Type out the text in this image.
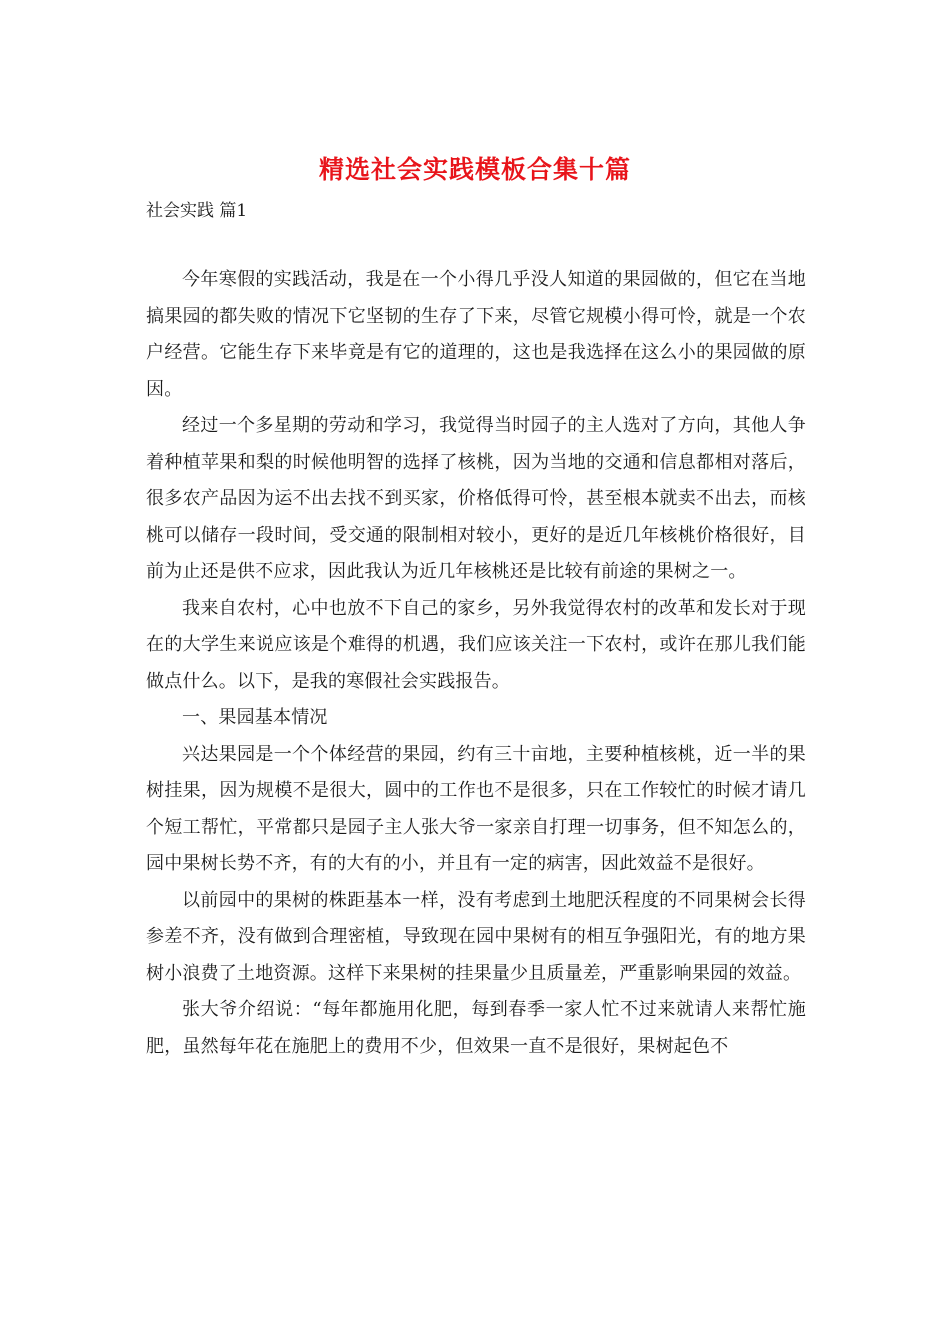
精选社会实践模板合集十篇
社会实践 篇1

今年寒假的实践活动，我是在一个小得几乎没人知道的果园做的，但它在当地搞果园的都失败的情况下它坚韧的生存了下来，尽管它规模小得可怜，就是一个农户经营。它能生存下来毕竟是有它的道理的，这也是我选择在这么小的果园做的原因。

经过一个多星期的劳动和学习，我觉得当时园子的主人选对了方向，其他人争着种植苹果和梨的时候他明智的选择了核桃，因为当地的交通和信息都相对落后，很多农产品因为运不出去找不到买家，价格低得可怜，甚至根本就卖不出去，而核桃可以储存一段时间，受交通的限制相对较小，更好的是近几年核桃价格很好，目前为止还是供不应求，因此我认为近几年核桃还是比较有前途的果树之一。

我来自农村，心中也放不下自己的家乡，另外我觉得农村的改革和发长对于现在的大学生来说应该是个难得的机遇，我们应该关注一下农村，或许在那儿我们能做点什么。以下，是我的寒假社会实践报告。

一、果园基本情况

兴达果园是一个个体经营的果园，约有三十亩地，主要种植核桃，近一半的果树挂果，因为规模不是很大，圆中的工作也不是很多，只在工作较忙的时候才请几个短工帮忙，平常都只是园子主人张大爷一家亲自打理一切事务，但不知怎么的，园中果树长势不齐，有的大有的小，并且有一定的病害，因此效益不是很好。

以前园中的果树的株距基本一样，没有考虑到土地肥沃程度的不同果树会长得参差不齐，没有做到合理密植，导致现在园中果树有的相互争强阳光，有的地方果树小浪费了土地资源。这样下来果树的挂果量少且质量差，严重影响果园的效益。

张大爷介绍说：“每年都施用化肥，每到春季一家人忙不过来就请人来帮忙施肥，虽然每年花在施肥上的费用不少，但效果一直不是很好，果树起色不
